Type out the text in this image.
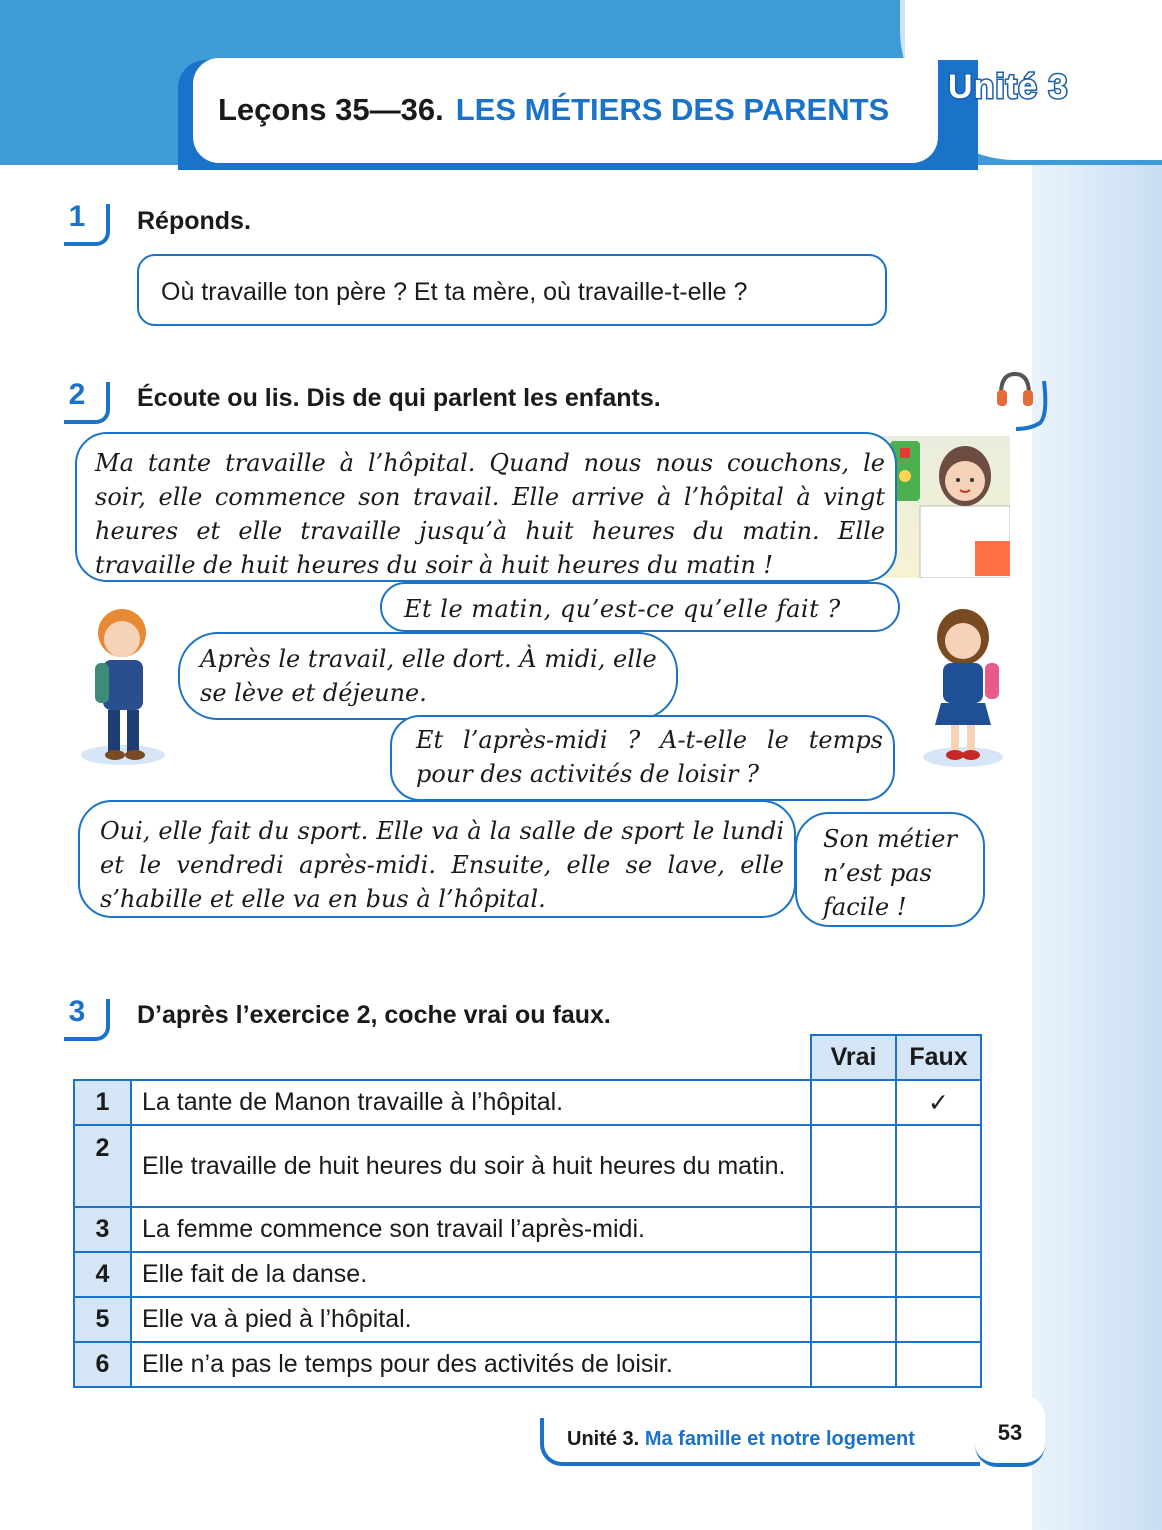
Leçons 35—36. LES MÉTIERS DES PARENTS
Unité 3
1	Réponds.
Où travaille ton père ? Et ta mère, où travaille-t-elle ?
2	Écoute ou lis. Dis de qui parlent les enfants.

Ma tante travaille à l’hôpital. Quand nous nous couchons, le soir, elle commence son travail. Elle arrive à l’hôpital à vingt heures et elle travaille jusqu’à huit heures du matin. Elle travaille de huit heures du soir à huit heures du matin !

Et le matin, qu’est-ce qu’elle fait ?

Après le travail, elle dort. À midi, elle se lève et déjeune.

Et l’après-midi ? A-t-elle le temps pour des activités de loisir ?

Oui, elle fait du sport. Elle va à la salle de sport le lundi et le vendredi après-midi. Ensuite, elle se lave, elle s’habille et elle va en bus à l’hôpital.

Son métier n’est pas facile !

3	D’après l’exercice 2, coche vrai ou faux.
		Vrai	Faux
1	La tante de Manon travaille à l’hôpital.		✓
2	Elle travaille de huit heures du soir à huit heures du matin.		
3	La femme commence son travail l’après-midi.		
4	Elle fait de la danse.		
5	Elle va à pied à l’hôpital.		
6	Elle n’a pas le temps pour des activités de loisir.		
Unité 3. Ma famille et notre logement	53
